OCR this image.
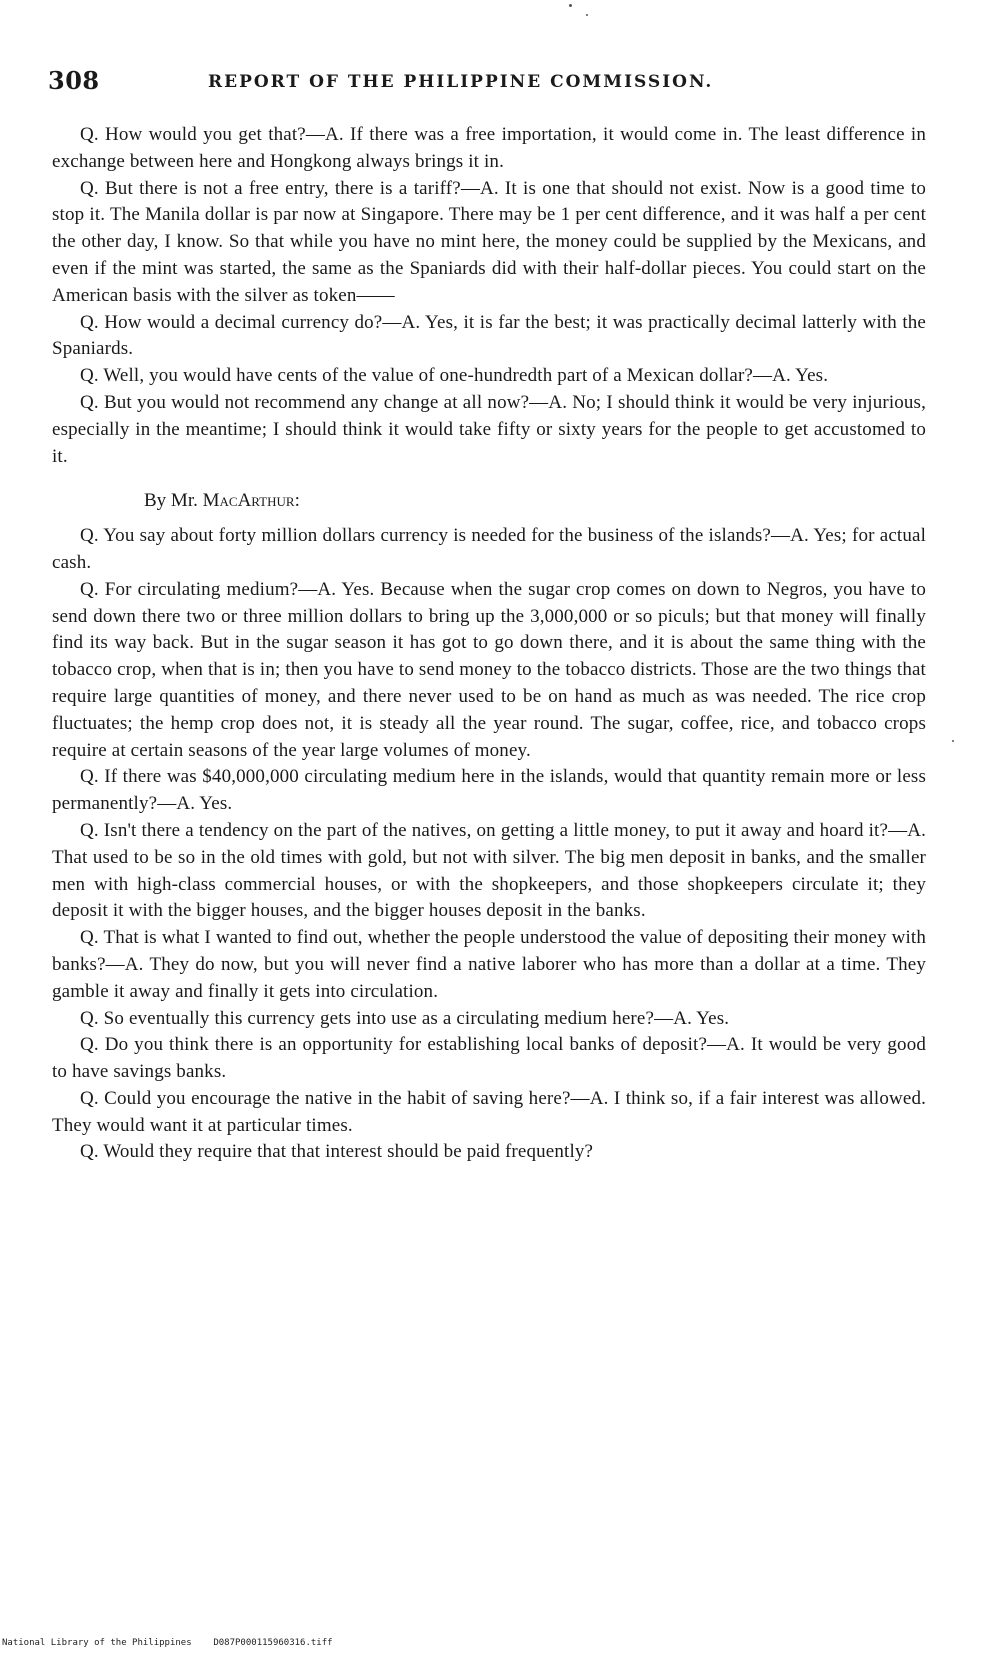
308	REPORT OF THE PHILIPPINE COMMISSION.

Q. How would you get that?—A. If there was a free importation, it would come in. The least difference in exchange between here and Hongkong always brings it in.

Q. But there is not a free entry, there is a tariff?—A. It is one that should not exist. Now is a good time to stop it. The Manila dollar is par now at Singapore. There may be 1 per cent difference, and it was half a per cent the other day, I know. So that while you have no mint here, the money could be supplied by the Mexicans, and even if the mint was started, the same as the Spaniards did with their half-dollar pieces. You could start on the American basis with the silver as token——

Q. How would a decimal currency do?—A. Yes, it is far the best; it was practically decimal latterly with the Spaniards.

Q. Well, you would have cents of the value of one-hundredth part of a Mexican dollar?—A. Yes.

Q. But you would not recommend any change at all now?—A. No; I should think it would be very injurious, especially in the meantime; I should think it would take fifty or sixty years for the people to get accustomed to it.

By Mr. MacArthur:

Q. You say about forty million dollars currency is needed for the business of the islands?—A. Yes; for actual cash.

Q. For circulating medium?—A. Yes. Because when the sugar crop comes on down to Negros, you have to send down there two or three million dollars to bring up the 3,000,000 or so piculs; but that money will finally find its way back. But in the sugar season it has got to go down there, and it is about the same thing with the tobacco crop, when that is in; then you have to send money to the tobacco districts. Those are the two things that require large quantities of money, and there never used to be on hand as much as was needed. The rice crop fluctuates; the hemp crop does not, it is steady all the year round. The sugar, coffee, rice, and tobacco crops require at certain seasons of the year large volumes of money.

Q. If there was $40,000,000 circulating medium here in the islands, would that quantity remain more or less permanently?—A. Yes.

Q. Isn't there a tendency on the part of the natives, on getting a little money, to put it away and hoard it?—A. That used to be so in the old times with gold, but not with silver. The big men deposit in banks, and the smaller men with high-class commercial houses, or with the shopkeepers, and those shopkeepers circulate it; they deposit it with the bigger houses, and the bigger houses deposit in the banks.

Q. That is what I wanted to find out, whether the people understood the value of depositing their money with banks?—A. They do now, but you will never find a native laborer who has more than a dollar at a time. They gamble it away and finally it gets into circulation.

Q. So eventually this currency gets into use as a circulating medium here?—A. Yes.

Q. Do you think there is an opportunity for establishing local banks of deposit?—A. It would be very good to have savings banks.

Q. Could you encourage the native in the habit of saving here?—A. I think so, if a fair interest was allowed. They would want it at particular times.

Q. Would they require that that interest should be paid frequently?

National Library of the Philippines D087P000115960316.tiff
